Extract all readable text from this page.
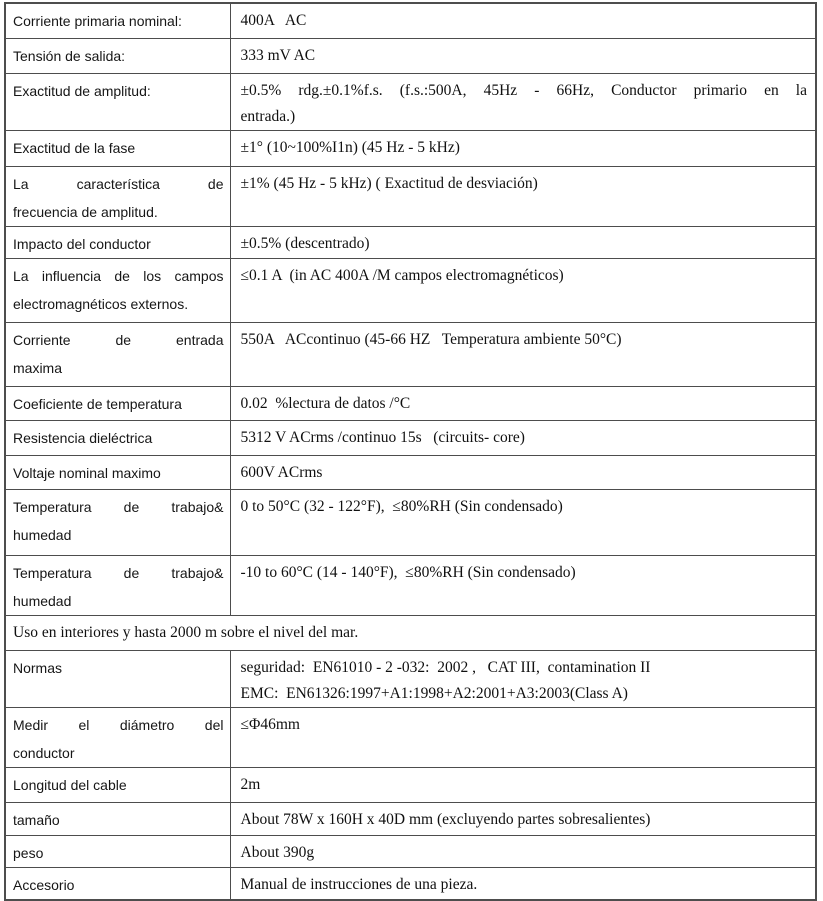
Corriente primaria nominal:	400A   AC

Tensión de salida:	333 mV AC

Exactitud de amplitud:	±0.5% rdg.±0.1%f.s. (f.s.:500A, 45Hz - 66Hz, Conductor primario en la
entrada.)

Exactitud de la fase	±1° (10~100%I1n) (45 Hz - 5 kHz)

La característica de
frecuencia de amplitud.	±1% (45 Hz - 5 kHz) ( Exactitud de desviación)

Impacto del conductor	±0.5% (descentrado)

La influencia de los campos
electromagnéticos externos.	≤0.1 A  (in AC 400A /M campos electromagnéticos)

Corriente de entrada
maxima	550A   ACcontinuo (45-66 HZ   Temperatura ambiente 50°C)

Coeficiente de temperatura	0.02  %lectura de datos /°C

Resistencia dieléctrica	5312 V ACrms /continuo 15s   (circuits- core)

Voltaje nominal maximo	600V ACrms

Temperatura de trabajo&
humedad	0 to 50°C (32 - 122°F),  ≤80%RH (Sin condensado)

Temperatura de trabajo&
humedad	-10 to 60°C (14 - 140°F),  ≤80%RH (Sin condensado)

Uso en interiores y hasta 2000 m sobre el nivel del mar.	

Normas	seguridad:  EN61010 - 2 -032:  2002 ,   CAT III,  contamination II
EMC:  EN61326:1997+A1:1998+A2:2001+A3:2003(Class A)

Medir el diámetro del
conductor	≤Φ46mm

Longitud del cable	2m

tamaño	About 78W x 160H x 40D mm (excluyendo partes sobresalientes)

peso	About 390g

Accesorio	Manual de instrucciones de una pieza.
